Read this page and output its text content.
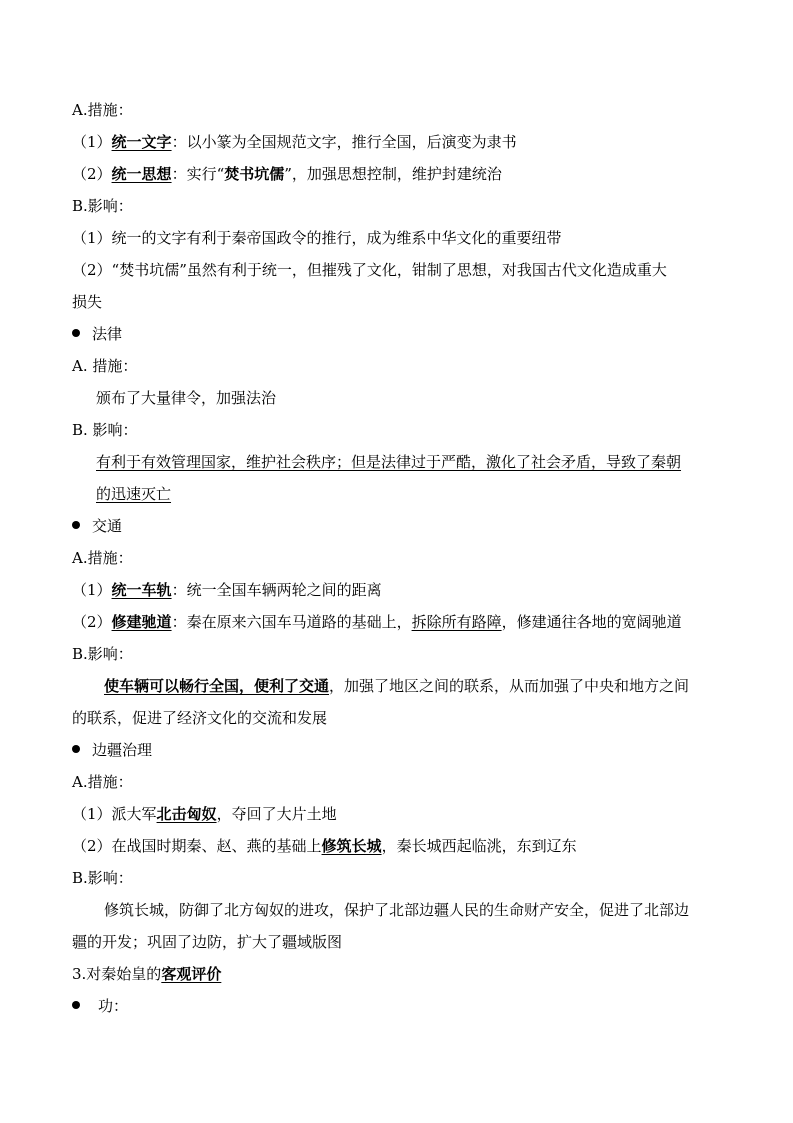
A.措施：
（1）统一文字：以小篆为全国规范文字，推行全国，后演变为隶书
（2）统一思想：实行“焚书坑儒”，加强思想控制，维护封建统治
B.影响：
（1）统一的文字有利于秦帝国政令的推行，成为维系中华文化的重要纽带
（2）“焚书坑儒”虽然有利于统一，但摧残了文化，钳制了思想，对我国古代文化造成重大
损失
法律
A. 措施：
颁布了大量律令，加强法治
B. 影响：
有利于有效管理国家，维护社会秩序；但是法律过于严酷，激化了社会矛盾，导致了秦朝
的迅速灭亡
交通
A.措施：
（1）统一车轨：统一全国车辆两轮之间的距离
（2）修建驰道：秦在原来六国车马道路的基础上，拆除所有路障，修建通往各地的宽阔驰道
B.影响：
使车辆可以畅行全国，便利了交通，加强了地区之间的联系，从而加强了中央和地方之间
的联系，促进了经济文化的交流和发展
边疆治理
A.措施：
（1）派大军北击匈奴，夺回了大片土地
（2）在战国时期秦、赵、燕的基础上修筑长城，秦长城西起临洮，东到辽东
B.影响：
修筑长城，防御了北方匈奴的进攻，保护了北部边疆人民的生命财产安全，促进了北部边
疆的开发；巩固了边防，扩大了疆域版图
3.对秦始皇的客观评价
功：
